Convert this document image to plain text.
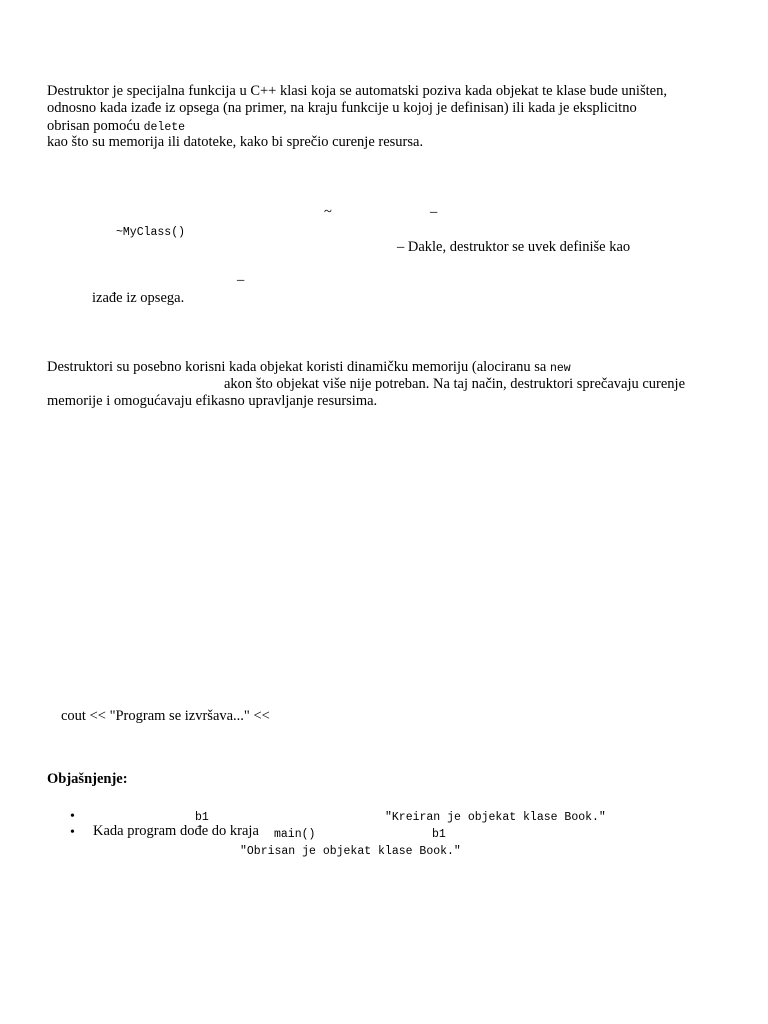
Destruktor je specijalna funkcija u C++ klasi koja se automatski poziva kada objekat te klase bude uništen,
odnosno kada izađe iz opsega (na primer, na kraju funkcije u kojoj je definisan) ili kada je eksplicitno
obrisan pomoću delete
kao što su memorija ili datoteke, kako bi sprečio curenje resursa.
~	–
~MyClass()
– Dakle, destruktor se uvek definiše kao
–
izađe iz opsega.
Destruktori su posebno korisni kada objekat koristi dinamičku memoriju (alociranu sa new
akon što objekat više nije potreban. Na taj način, destruktori sprečavaju curenje
memorije i omogućavaju efikasno upravljanje resursima.
cout << "Program se izvršava..." <<
Objašnjenje:
•	b1	"Kreiran je objekat klase Book."
• Kada program dođe do kraja main()	b1
"Obrisan je objekat klase Book."
